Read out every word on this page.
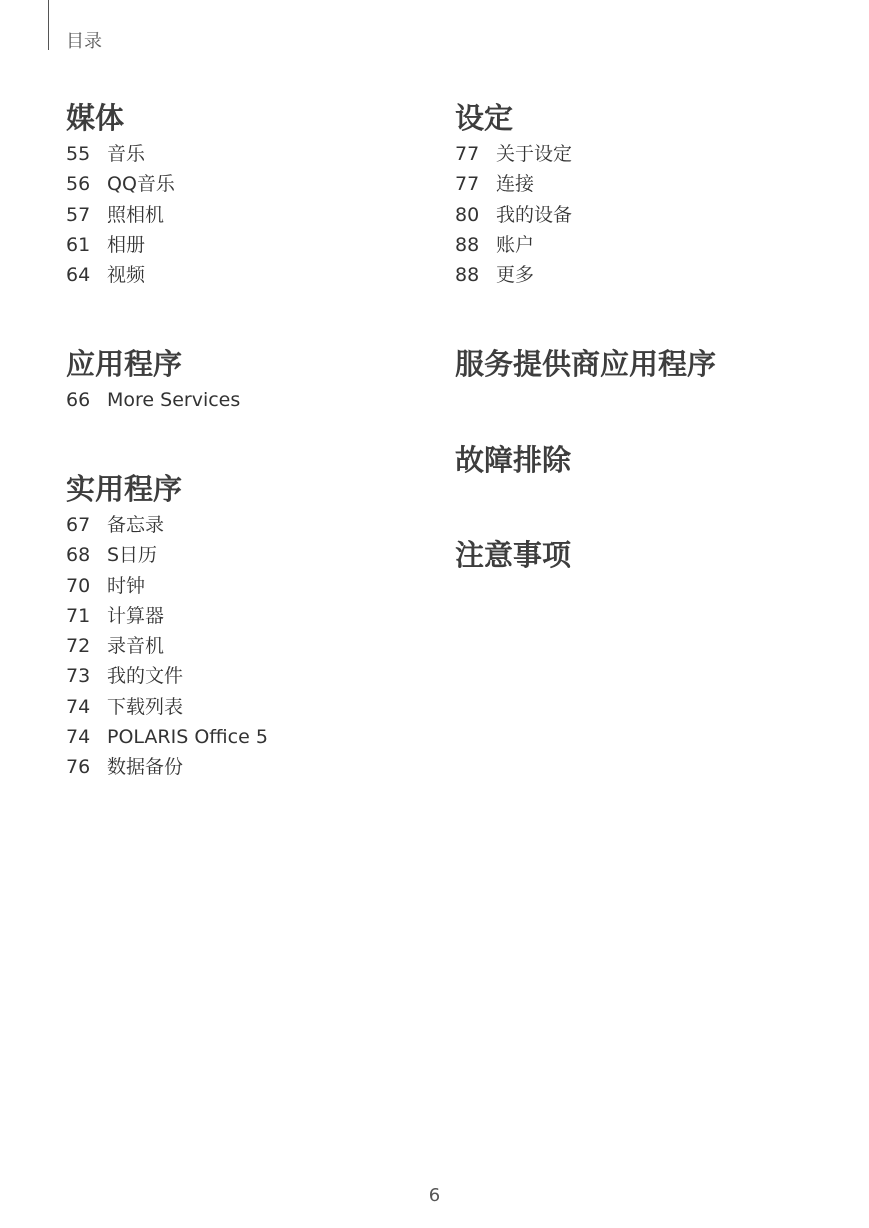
目录
媒体
55 音乐
56 QQ音乐
57 照相机
61 相册
64 视频
应用程序
66 More Services
实用程序
67 备忘录
68 S日历
70 时钟
71 计算器
72 录音机
73 我的文件
74 下载列表
74 POLARIS Office 5
76 数据备份
设定
77 关于设定
77 连接
80 我的设备
88 账户
88 更多
服务提供商应用程序
故障排除
注意事项
6
